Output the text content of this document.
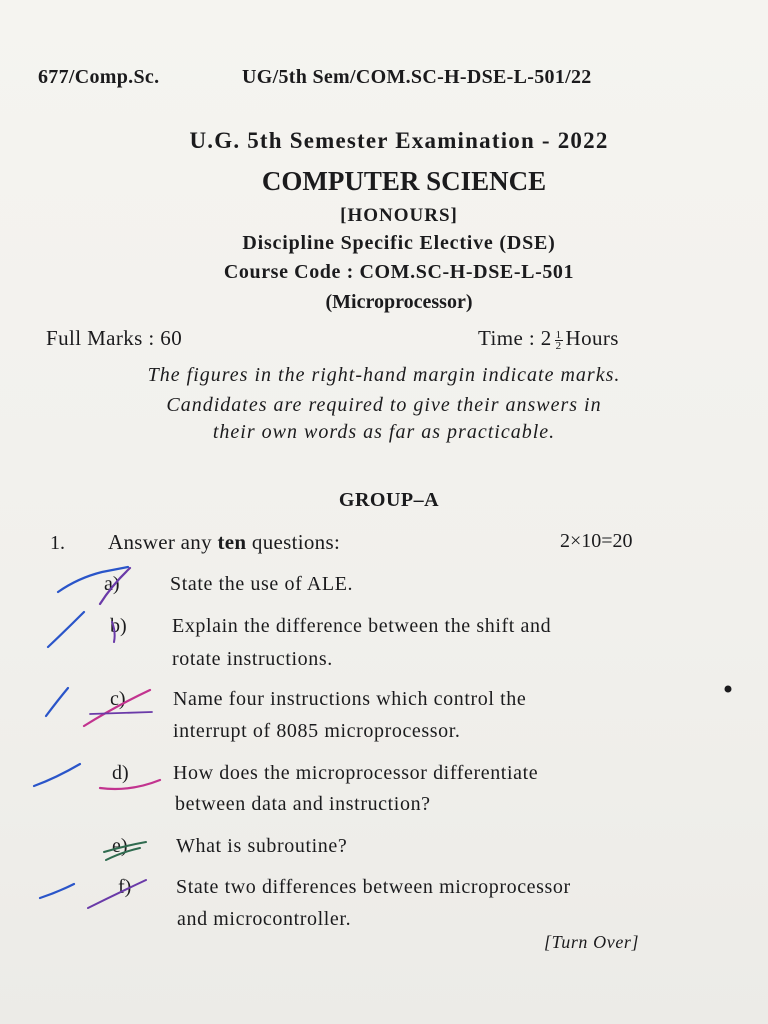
677/Comp.Sc.	UG/5th Sem/COM.SC-H-DSE-L-501/22
U.G. 5th Semester Examination - 2022
COMPUTER SCIENCE
[HONOURS]
Discipline Specific Elective (DSE)
Course Code : COM.SC-H-DSE-L-501
(Microprocessor)
Full Marks : 60	Time : $2 \frac{1}{2}$ Hours
The figures in the right-hand margin indicate marks.
Candidates are required to give their answers in
their own words as far as practicable.
GROUP–A
1. Answer any ten questions:	2×10=20
a)	State the use of ALE.
b) Explain the difference between the shift and
rotate instructions.
c) Name four instructions which control the
interrupt of 8085 microprocessor.
d) How does the microprocessor differentiate
between data and instruction?
e) What is subroutine?
f) State two differences between microprocessor
and microcontroller.
[Turn Over]
